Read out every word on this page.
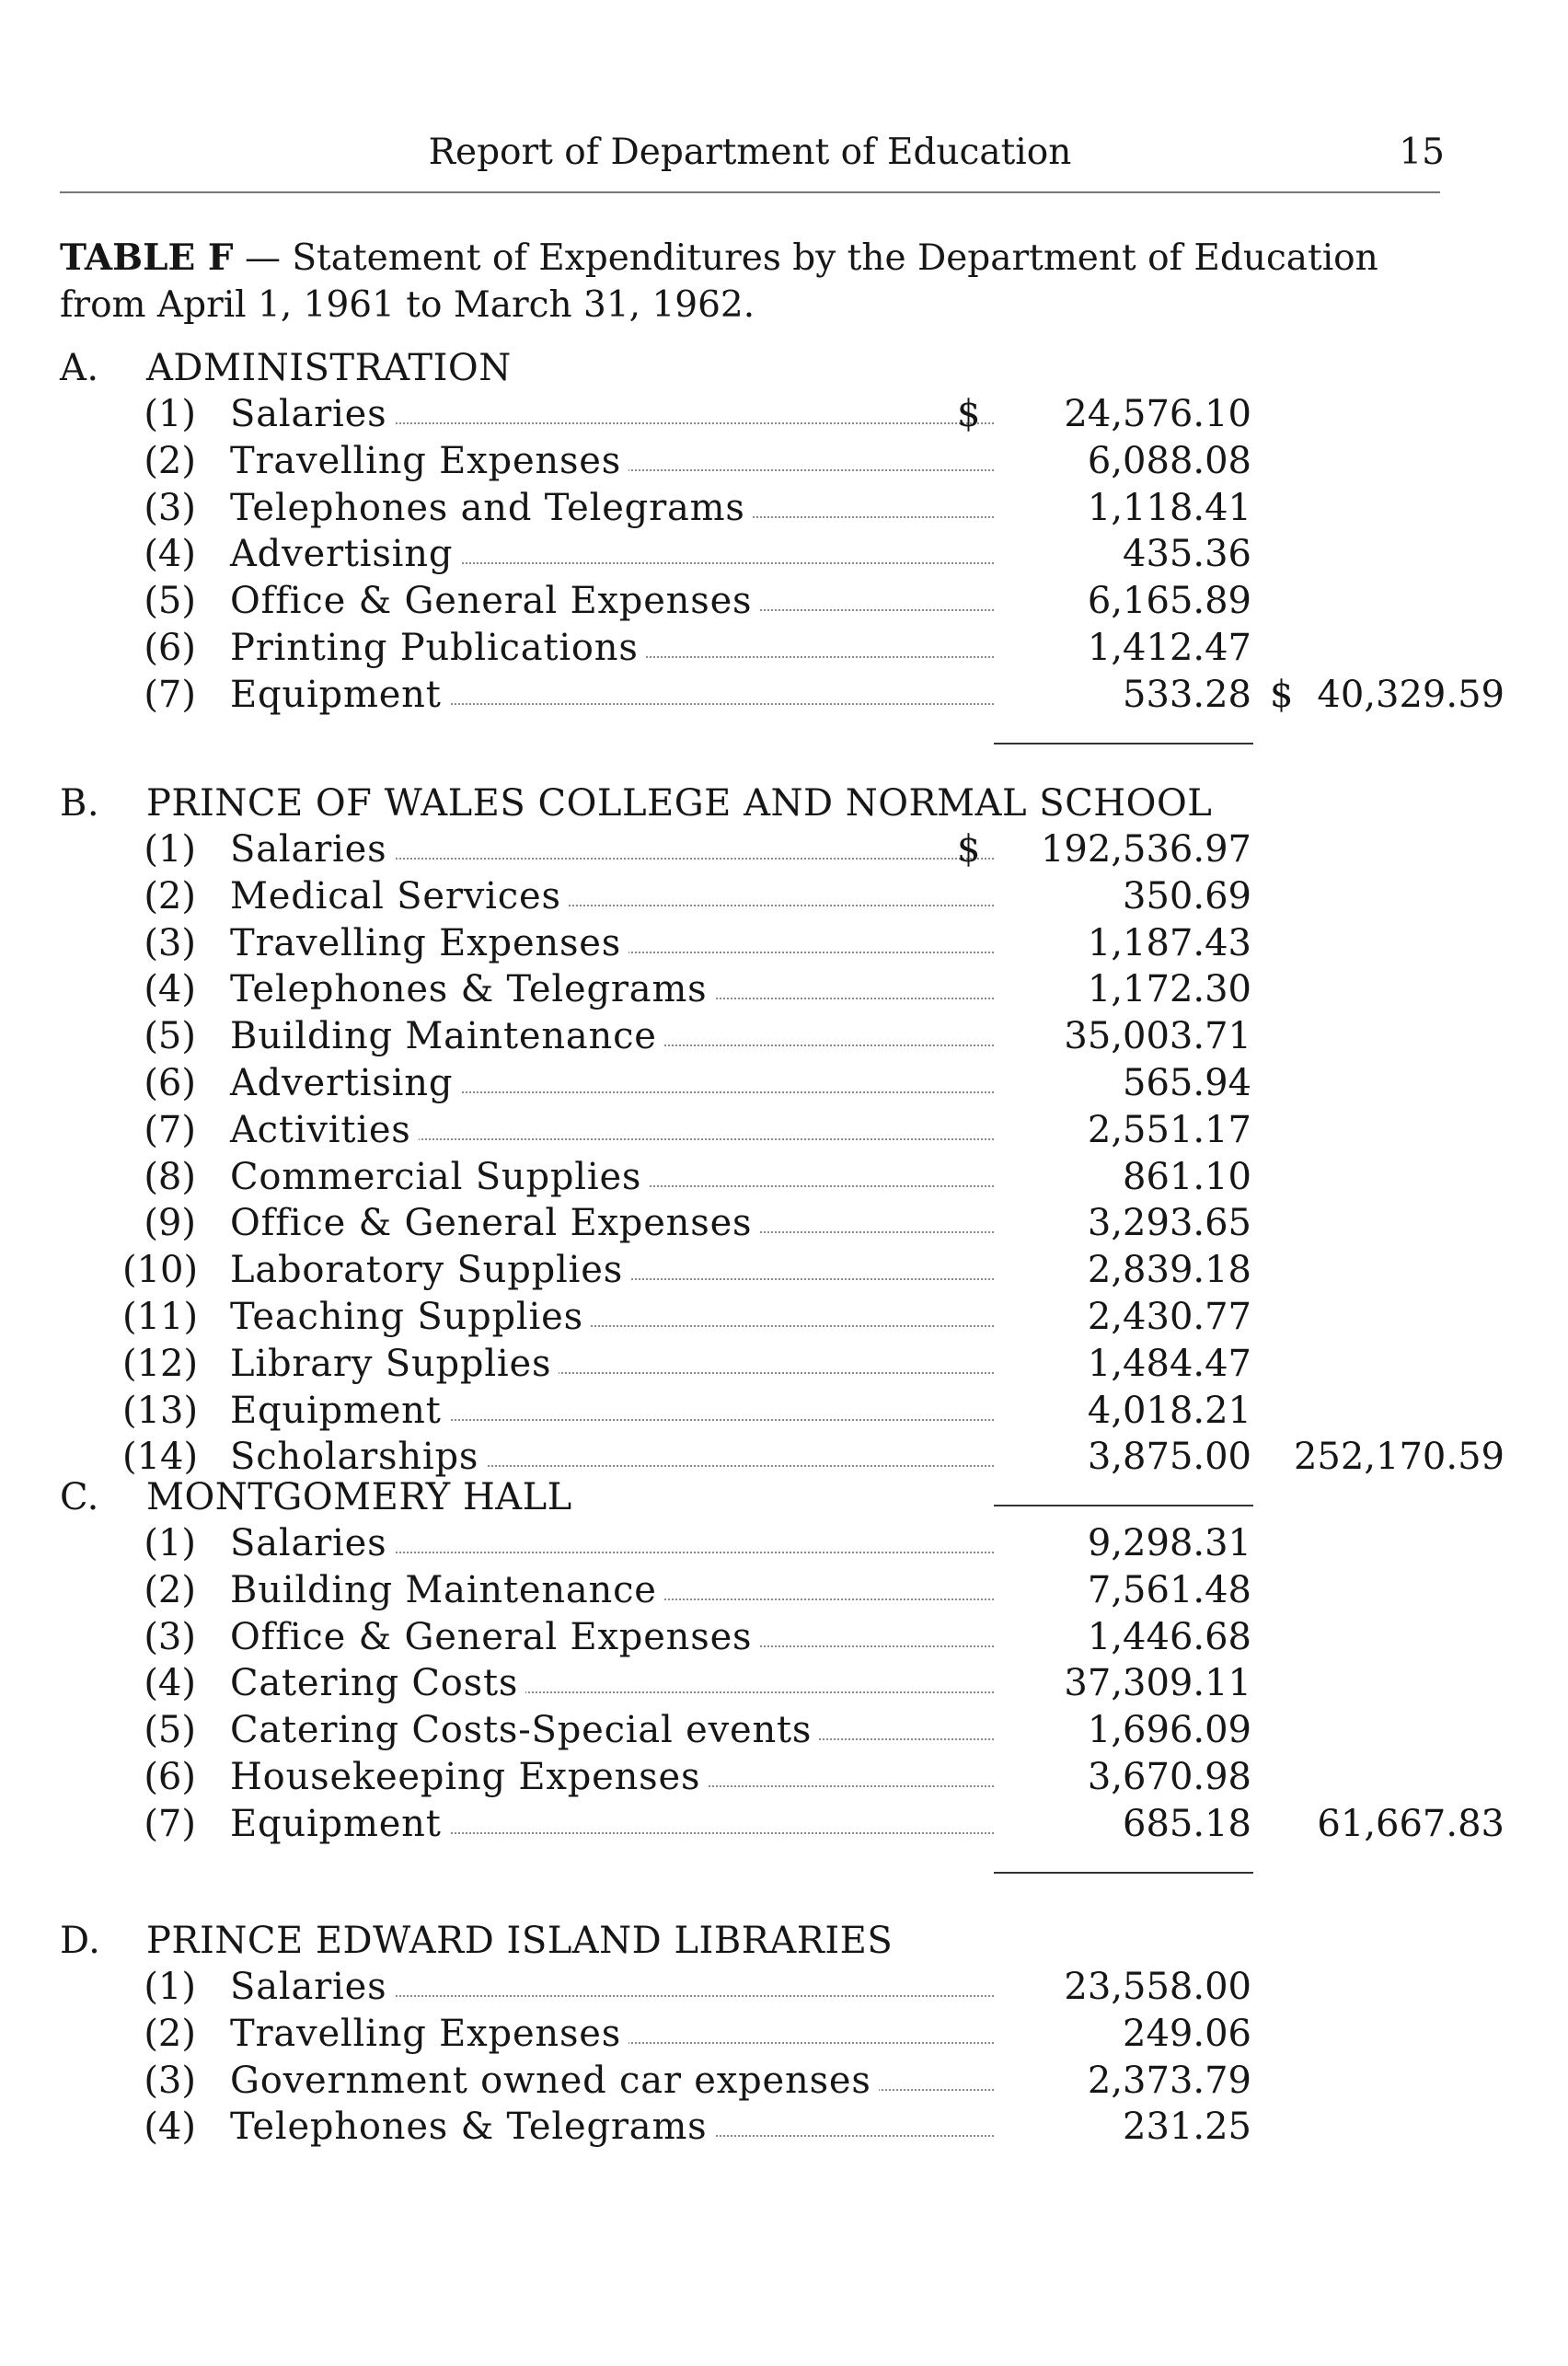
Report of Department of Education	15
TABLE F — Statement of Expenditures by the Department of Education from April 1, 1961 to March 31, 1962.
A. ADMINISTRATION
(1) Salaries	$	24,576.10
(2) Travelling Expenses	6,088.08
(3) Telephones and Telegrams	1,118.41
(4) Advertising	435.36
(5) Office & General Expenses	6,165.89
(6) Printing Publications	1,412.47
(7) Equipment	533.28 $ 40,329.59
B. PRINCE OF WALES COLLEGE AND NORMAL SCHOOL
(1) Salaries	$	192,536.97
(2) Medical Services	350.69
(3) Travelling Expenses	1,187.43
(4) Telephones & Telegrams	1,172.30
(5) Building Maintenance	35,003.71
(6) Advertising	565.94
(7) Activities	2,551.17
(8) Commercial Supplies	861.10
(9) Office & General Expenses	3,293.65
(10) Laboratory Supplies	2,839.18
(11) Teaching Supplies	2,430.77
(12) Library Supplies	1,484.47
(13) Equipment	4,018.21
(14) Scholarships	3,875.00	252,170.59
C. MONTGOMERY HALL
(1) Salaries	9,298.31
(2) Building Maintenance	7,561.48
(3) Office & General Expenses	1,446.68
(4) Catering Costs	37,309.11
(5) Catering Costs-Special events	1,696.09
(6) Housekeeping Expenses	3,670.98
(7) Equipment	685.18	61,667.83
D. PRINCE EDWARD ISLAND LIBRARIES
(1) Salaries	23,558.00
(2) Travelling Expenses	249.06
(3) Government owned car expenses	2,373.79
(4) Telephones & Telegrams	231.25
